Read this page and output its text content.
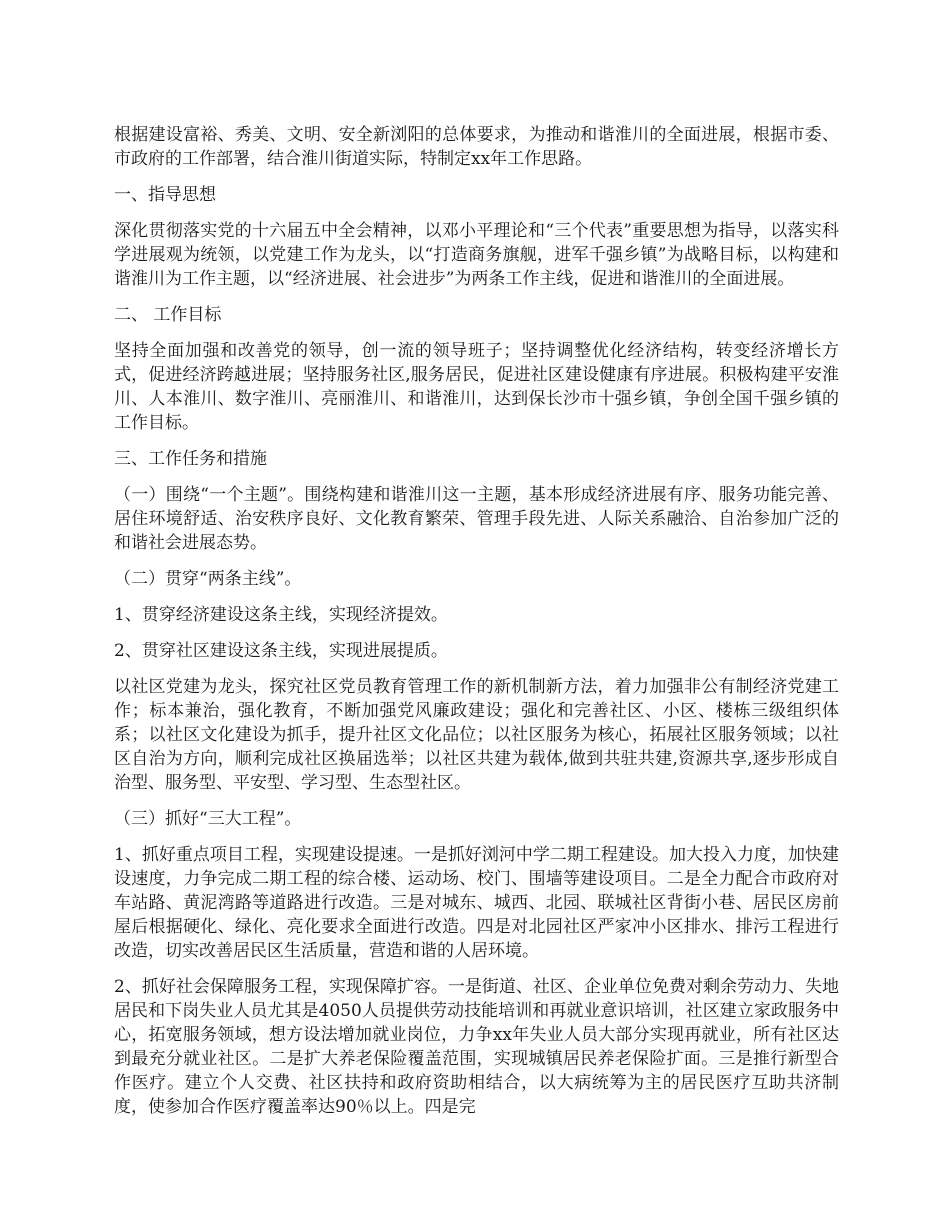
根据建设富裕、秀美、文明、安全新浏阳的总体要求，为推动和谐淮川的全面进展，根据市委、市政府的工作部署，结合淮川街道实际，特制定xx年工作思路。

一、指导思想

深化贯彻落实党的十六届五中全会精神，以邓小平理论和“三个代表”重要思想为指导，以落实科学进展观为统领，以党建工作为龙头，以“打造商务旗舰，进军千强乡镇”为战略目标，以构建和谐淮川为工作主题，以“经济进展、社会进步”为两条工作主线，促进和谐淮川的全面进展。

二、 工作目标

坚持全面加强和改善党的领导，创一流的领导班子；坚持调整优化经济结构，转变经济增长方式，促进经济跨越进展；坚持服务社区,服务居民，促进社区建设健康有序进展。积极构建平安淮川、人本淮川、数字淮川、亮丽淮川、和谐淮川，达到保长沙市十强乡镇，争创全国千强乡镇的工作目标。

三、工作任务和措施

（一）围绕“一个主题”。围绕构建和谐淮川这一主题，基本形成经济进展有序、服务功能完善、居住环境舒适、治安秩序良好、文化教育繁荣、管理手段先进、人际关系融洽、自治参加广泛的和谐社会进展态势。

（二）贯穿“两条主线”。

1、贯穿经济建设这条主线，实现经济提效。

2、贯穿社区建设这条主线，实现进展提质。

以社区党建为龙头，探究社区党员教育管理工作的新机制新方法，着力加强非公有制经济党建工作；标本兼治，强化教育，不断加强党风廉政建设；强化和完善社区、小区、楼栋三级组织体系；以社区文化建设为抓手，提升社区文化品位；以社区服务为核心，拓展社区服务领域；以社区自治为方向，顺利完成社区换届选举；以社区共建为载体,做到共驻共建,资源共享,逐步形成自治型、服务型、平安型、学习型、生态型社区。

（三）抓好“三大工程”。

1、抓好重点项目工程，实现建设提速。一是抓好浏河中学二期工程建设。加大投入力度，加快建设速度，力争完成二期工程的综合楼、运动场、校门、围墙等建设项目。二是全力配合市政府对车站路、黄泥湾路等道路进行改造。三是对城东、城西、北园、联城社区背街小巷、居民区房前屋后根据硬化、绿化、亮化要求全面进行改造。四是对北园社区严家冲小区排水、排污工程进行改造，切实改善居民区生活质量，营造和谐的人居环境。

2、抓好社会保障服务工程，实现保障扩容。一是街道、社区、企业单位免费对剩余劳动力、失地居民和下岗失业人员尤其是4050人员提供劳动技能培训和再就业意识培训，社区建立家政服务中心，拓宽服务领域，想方设法增加就业岗位，力争xx年失业人员大部分实现再就业，所有社区达到最充分就业社区。二是扩大养老保险覆盖范围，实现城镇居民养老保险扩面。三是推行新型合作医疗。建立个人交费、社区扶持和政府资助相结合，以大病统筹为主的居民医疗互助共济制度，使参加合作医疗覆盖率达90％以上。四是完
